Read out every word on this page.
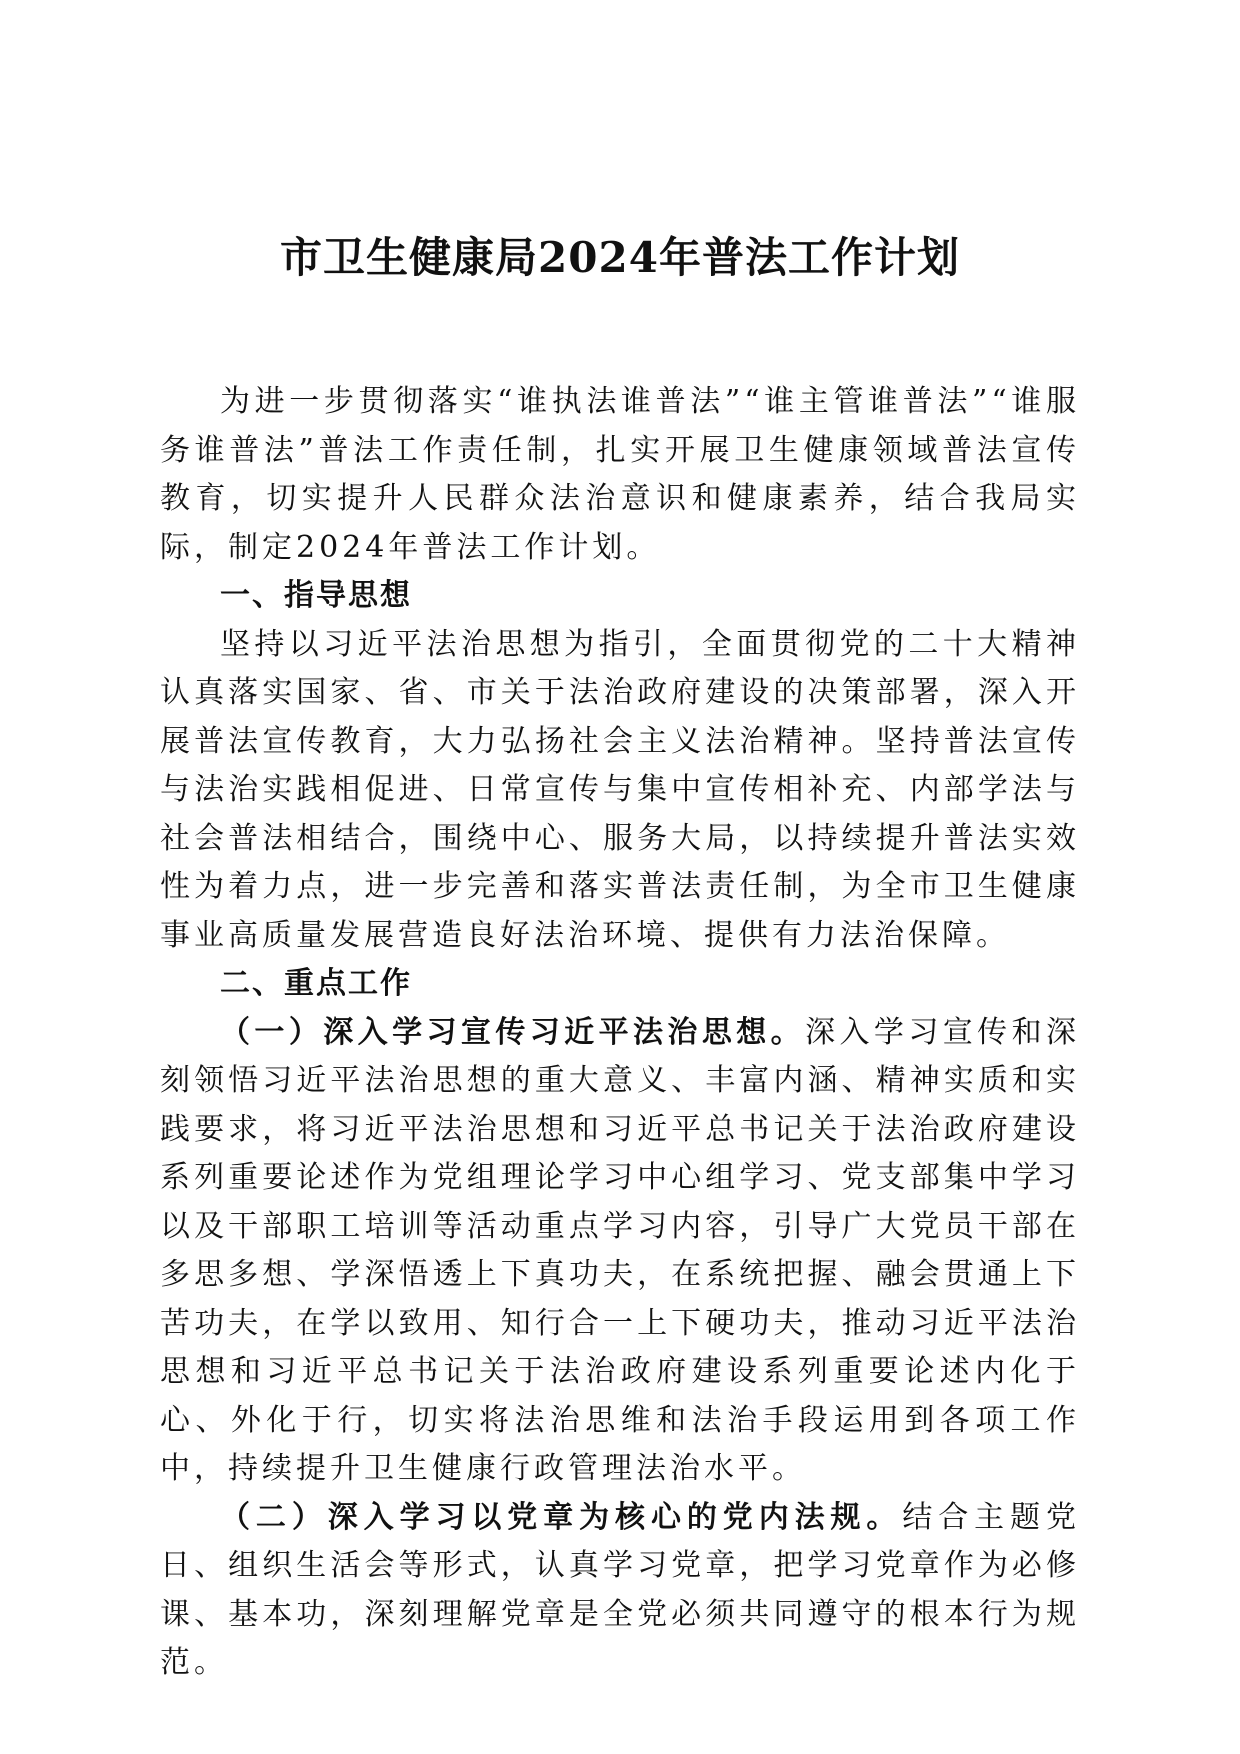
市卫生健康局2024年普法工作计划

为进一步贯彻落实“谁执法谁普法”“谁主管谁普法”“谁服务谁普法”普法工作责任制，扎实开展卫生健康领域普法宣传教育，切实提升人民群众法治意识和健康素养，结合我局实际，制定2024年普法工作计划。

一、指导思想

坚持以习近平法治思想为指引，全面贯彻党的二十大精神认真落实国家、省、市关于法治政府建设的决策部署，深入开展普法宣传教育，大力弘扬社会主义法治精神。坚持普法宣传与法治实践相促进、日常宣传与集中宣传相补充、内部学法与社会普法相结合，围绕中心、服务大局，以持续提升普法实效性为着力点，进一步完善和落实普法责任制，为全市卫生健康事业高质量发展营造良好法治环境、提供有力法治保障。

二、重点工作

（一）深入学习宣传习近平法治思想。深入学习宣传和深刻领悟习近平法治思想的重大意义、丰富内涵、精神实质和实践要求，将习近平法治思想和习近平总书记关于法治政府建设系列重要论述作为党组理论学习中心组学习、党支部集中学习以及干部职工培训等活动重点学习内容，引导广大党员干部在多思多想、学深悟透上下真功夫，在系统把握、融会贯通上下苦功夫，在学以致用、知行合一上下硬功夫，推动习近平法治思想和习近平总书记关于法治政府建设系列重要论述内化于心、外化于行，切实将法治思维和法治手段运用到各项工作中，持续提升卫生健康行政管理法治水平。

（二）深入学习以党章为核心的党内法规。结合主题党日、组织生活会等形式，认真学习党章，把学习党章作为必修课、基本功，深刻理解党章是全党必须共同遵守的根本行为规范。
